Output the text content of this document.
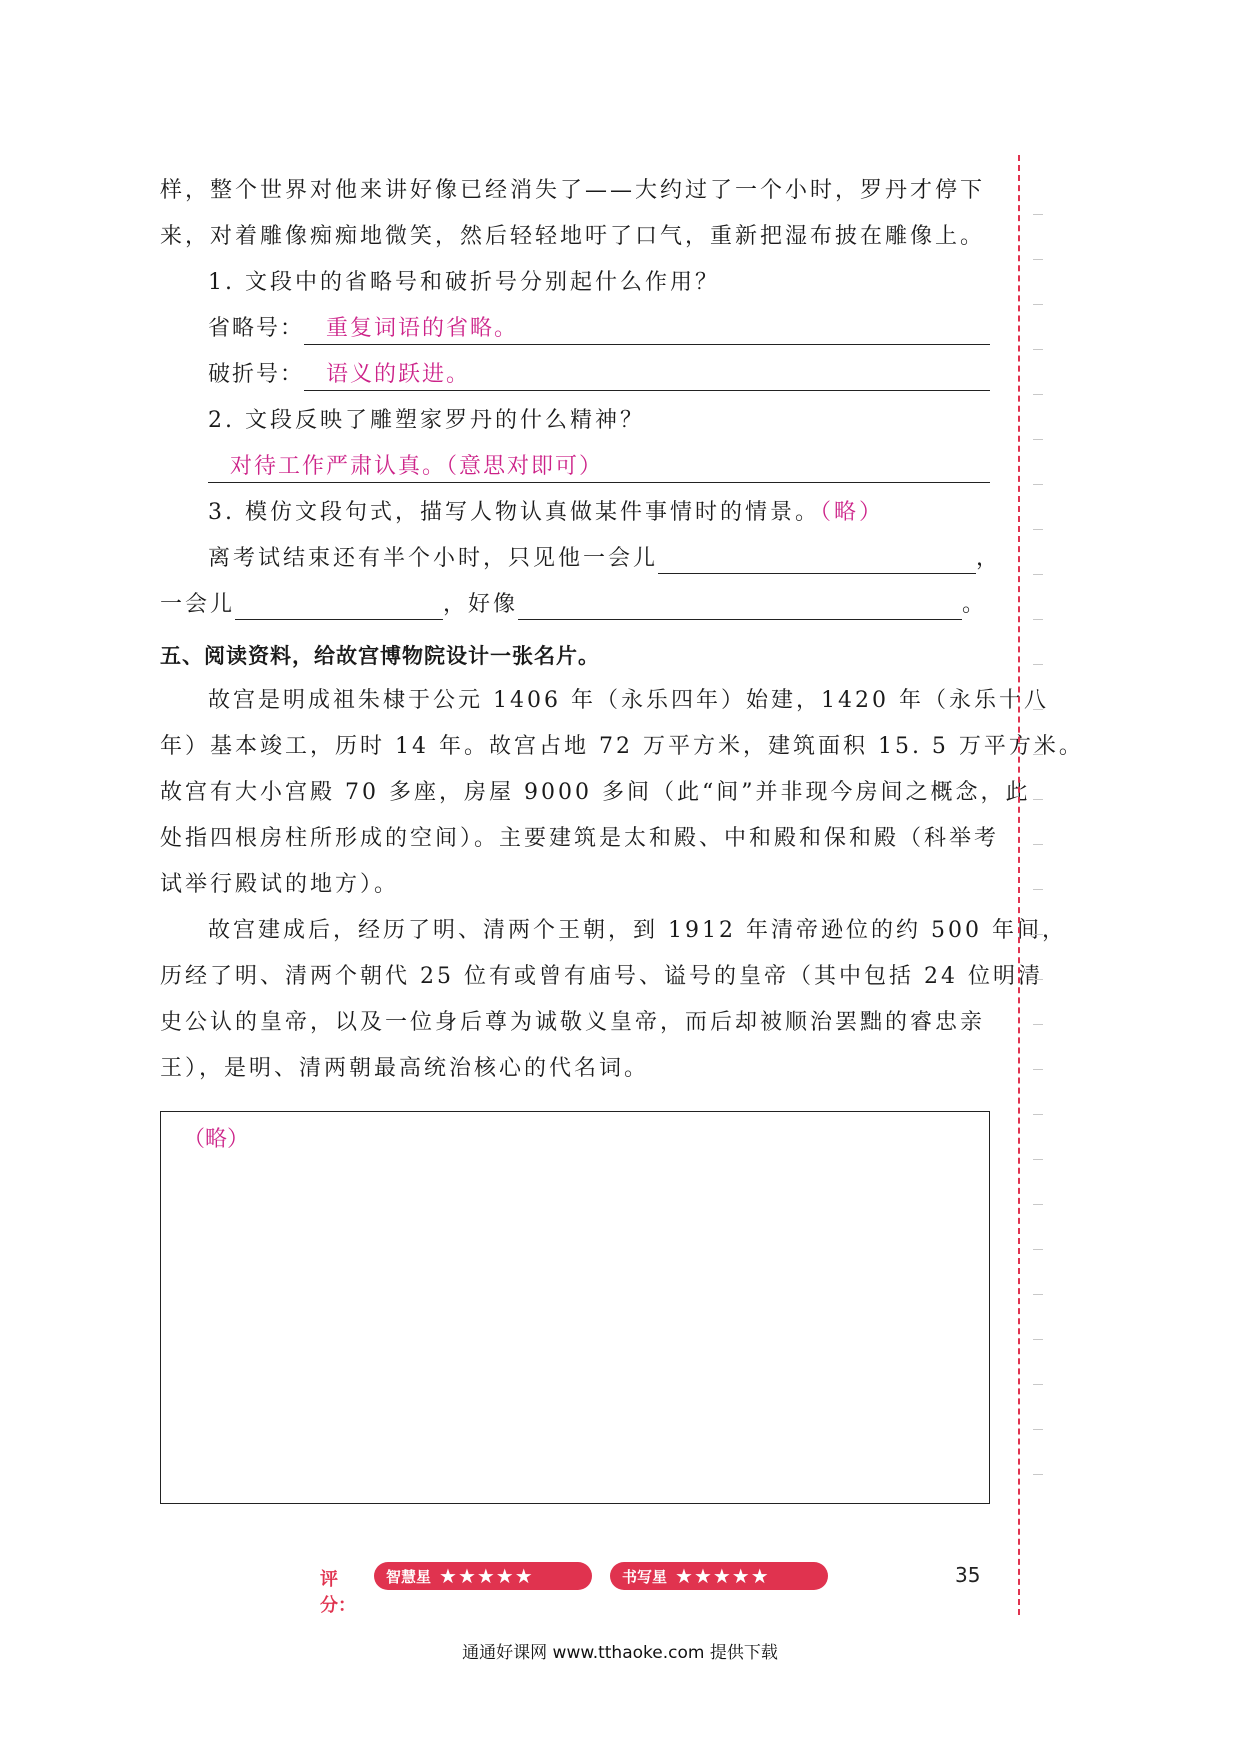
样，整个世界对他来讲好像已经消失了——大约过了一个小时，罗丹才停下
来，对着雕像痴痴地微笑，然后轻轻地吁了口气，重新把湿布披在雕像上。
1. 文段中的省略号和破折号分别起什么作用？
省略号： 重复词语的省略。
破折号： 语义的跃进。
2. 文段反映了雕塑家罗丹的什么精神？
对待工作严肃认真。（意思对即可）
3. 模仿文段句式，描写人物认真做某件事情时的情景。（略）
离考试结束还有半个小时，只见他一会儿	，
一会儿	，好像	。
五、阅读资料，给故宫博物院设计一张名片。
故宫是明成祖朱棣于公元 1406 年（永乐四年）始建，1420 年（永乐十八
年）基本竣工，历时 14 年。故宫占地 72 万平方米，建筑面积 15. 5 万平方米。
故宫有大小宫殿 70 多座，房屋 9000 多间（此“间”并非现今房间之概念，此
处指四根房柱所形成的空间）。主要建筑是太和殿、中和殿和保和殿（科举考
试举行殿试的地方）。
故宫建成后，经历了明、清两个王朝，到 1912 年清帝逊位的约 500 年间，
历经了明、清两个朝代 25 位有或曾有庙号、谥号的皇帝（其中包括 24 位明清
史公认的皇帝，以及一位身后尊为诚敬义皇帝，而后却被顺治罢黜的睿忠亲
王），是明、清两朝最高统治核心的代名词。
（略）
评分：
智慧星 ★★★★★	书写星 ★★★★★	35
通通好课网 www.tthaoke.com 提供下载
